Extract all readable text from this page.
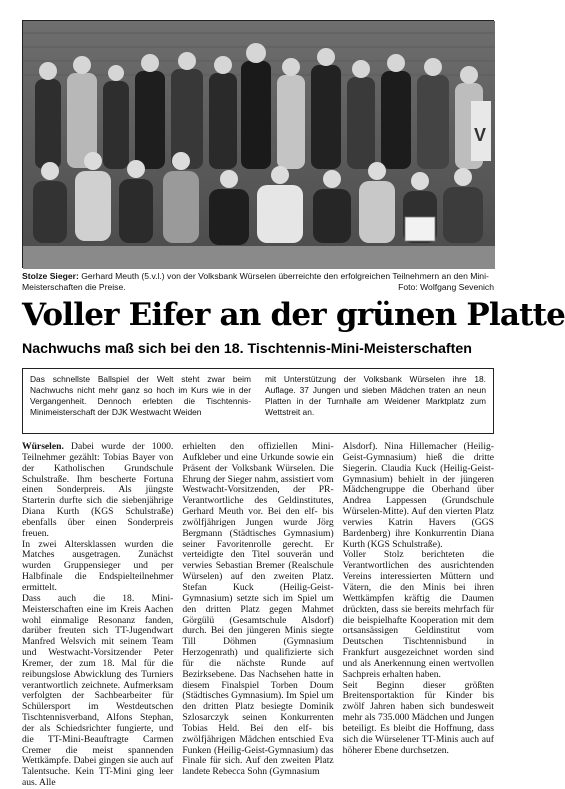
V
Stolze Sieger: Gerhard Meuth (5.v.l.) von der Volksbank Würselen überreichte den erfolgreichen Teilnehmern an den Mini-Meisterschaften die Preise.	Foto: Wolfgang Sevenich
Voller Eifer an der grünen Platte
Nachwuchs maß sich bei den 18. Tischtennis-Mini-Meisterschaften

Das schnellste Ballspiel der Welt steht zwar beim Nachwuchs nicht mehr ganz so hoch im Kurs wie in der Vergangenheit. Dennoch erlebten die Tischtennis-Minimeisterschaft der DJK Westwacht Weiden

mit Unterstützung der Volksbank Würselen ihre 18. Auflage. 37 Jungen und sieben Mädchen traten an neun Platten in der Turnhalle am Weidener Marktplatz zum Wettstreit an.

Würselen. Dabei wurde der 1000. Teilnehmer gezählt: Tobias Bayer von der Katholischen Grundschule Schulstraße. Ihm bescherte Fortuna einen Sonderpreis. Als jüngste Starterin durfte sich die siebenjährige Diana Kurth (KGS Schulstraße) ebenfalls über einen Sonderpreis freuen.

In zwei Altersklassen wurden die Matches ausgetragen. Zunächst wurden Gruppensieger und per Halbfinale die Endspielteilnehmer ermittelt.

Dass auch die 18. Mini-Meisterschaften eine im Kreis Aachen wohl einmalige Resonanz fanden, darüber freuten sich TT-Jugendwart Manfred Welsvich mit seinem Team und Westwacht-Vorsitzender Peter Kremer, der zum 18. Mal für die reibungslose Abwicklung des Turniers verantwortlich zeichnete. Aufmerksam verfolgten der Sachbearbeiter für Schülersport im Westdeutschen Tischtennisverband, Alfons Stephan, der als Schiedsrichter fungierte, und die TT-Mini-Beauftragte Carmen Cremer die meist spannenden Wettkämpfe. Dabei gingen sie auch auf Talentsuche. Kein TT-Mini ging leer aus. Alle

erhielten den offiziellen Mini-Aufkleber und eine Urkunde sowie ein Präsent der Volksbank Würselen. Die Ehrung der Sieger nahm, assistiert vom Westwacht-Vorsitzenden, der PR-Verantwortliche des Geldinstitutes, Gerhard Meuth vor. Bei den elf- bis zwölfjährigen Jungen wurde Jörg Bergmann (Städtisches Gymnasium) seiner Favoritenrolle gerecht. Er verteidigte den Titel souverän und verwies Sebastian Bremer (Realschule Würselen) auf den zweiten Platz. Stefan Kuck (Heilig-Geist-Gymnasium) setzte sich im Spiel um den dritten Platz gegen Mahmet Görgülü (Gesamtschule Alsdorf) durch. Bei den jüngeren Minis siegte Till Döhmen (Gymnasium Herzogenrath) und qualifizierte sich für die nächste Runde auf Bezirksebene. Das Nachsehen hatte in diesem Finalspiel Torben Doum (Städtisches Gymnasium). Im Spiel um den dritten Platz besiegte Dominik Szlosarczyk seinen Konkurrenten Tobias Held. Bei den elf- bis zwölfjährigen Mädchen entschied Eva Funken (Heilig-Geist-Gymnasium) das Finale für sich. Auf den zweiten Platz landete Rebecca Sohn (Gymnasium

Alsdorf). Nina Hillemacher (Heilig-Geist-Gymnasium) hieß die dritte Siegerin. Claudia Kuck (Heilig-Geist-Gymnasium) behielt in der jüngeren Mädchengruppe die Oberhand über Andrea Lappessen (Grundschule Würselen-Mitte). Auf den vierten Platz verwies Katrin Havers (GGS Bardenberg) ihre Konkurrentin Diana Kurth (KGS Schulstraße).

Voller Stolz berichteten die Verantwortlichen des ausrichtenden Vereins interessierten Müttern und Vätern, die den Minis bei ihren Wettkämpfen kräftig die Daumen drückten, dass sie bereits mehrfach für die beispielhafte Kooperation mit dem ortsansässigen Geldinstitut vom Deutschen Tischtennisbund in Frankfurt ausgezeichnet worden sind und als Anerkennung einen wertvollen Sachpreis erhalten haben.

Seit Beginn dieser größten Breitensportaktion für Kinder bis zwölf Jahren haben sich bundesweit mehr als 735.000 Mädchen und Jungen beteiligt. Es bleibt die Hoffnung, dass sich die Würselener TT-Minis auch auf höherer Ebene durchsetzen.
